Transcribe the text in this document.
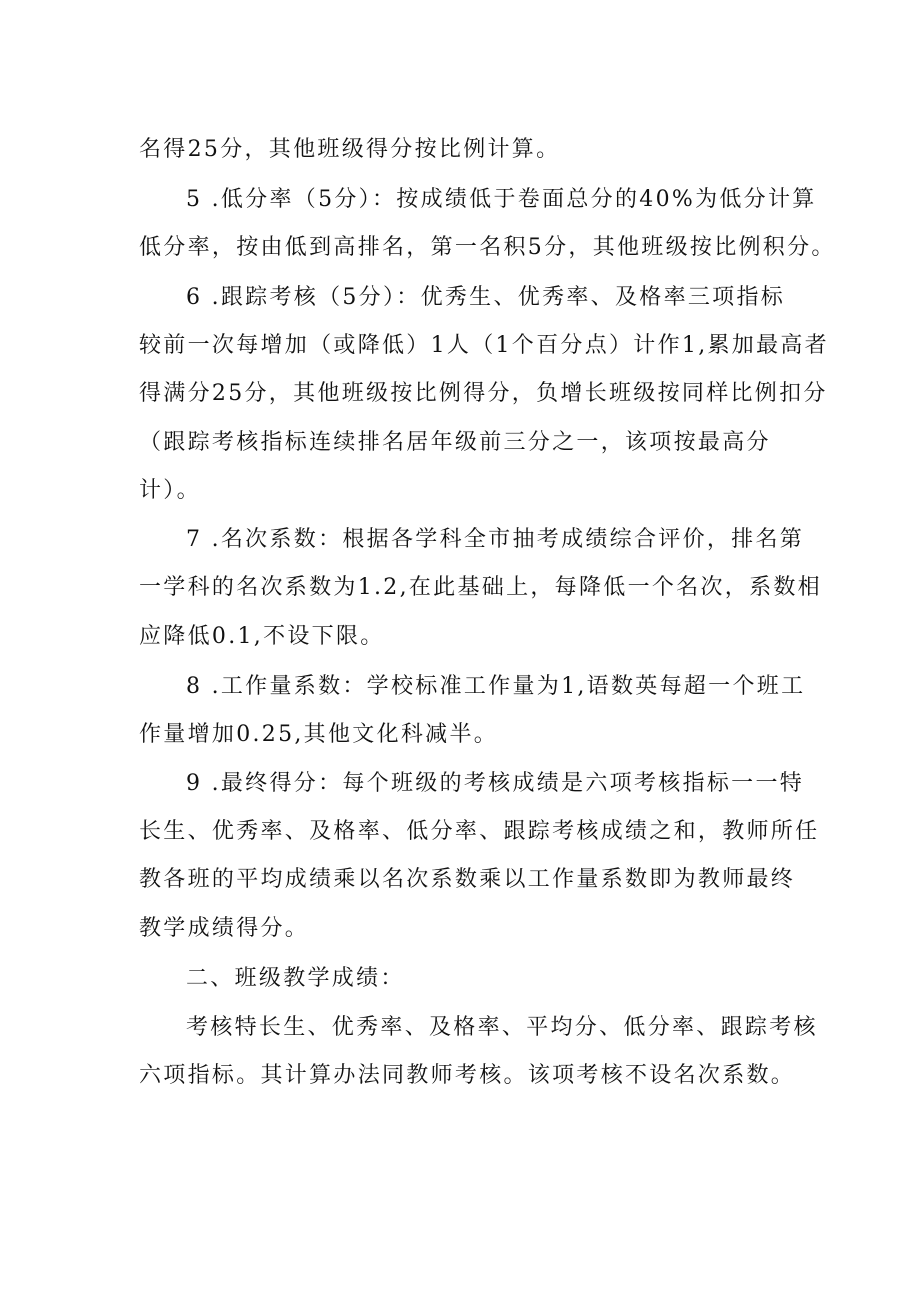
名得25分，其他班级得分按比例计算。
5 .低分率（5分）：按成绩低于卷面总分的40%为低分计算
低分率，按由低到高排名，第一名积5分，其他班级按比例积分。
6 .跟踪考核（5分）：优秀生、优秀率、及格率三项指标
较前一次每增加（或降低）1人（1个百分点）计作1,累加最高者
得满分25分，其他班级按比例得分，负增长班级按同样比例扣分
（跟踪考核指标连续排名居年级前三分之一，该项按最高分
计）。
7 .名次系数：根据各学科全市抽考成绩综合评价，排名第
一学科的名次系数为1.2,在此基础上，每降低一个名次，系数相
应降低0.1,不设下限。
8 .工作量系数：学校标准工作量为1,语数英每超一个班工
作量增加0.25,其他文化科减半。
9 .最终得分：每个班级的考核成绩是六项考核指标一一特
长生、优秀率、及格率、低分率、跟踪考核成绩之和，教师所任
教各班的平均成绩乘以名次系数乘以工作量系数即为教师最终
教学成绩得分。
二、班级教学成绩：
考核特长生、优秀率、及格率、平均分、低分率、跟踪考核
六项指标。其计算办法同教师考核。该项考核不设名次系数。
